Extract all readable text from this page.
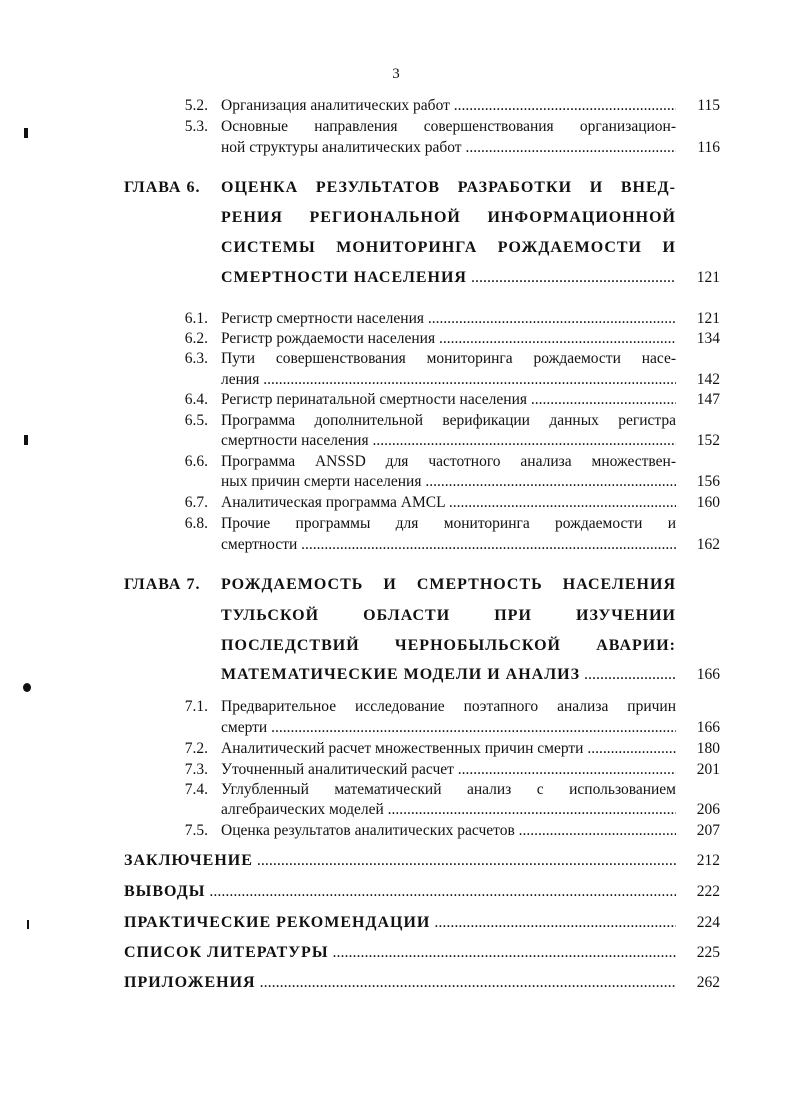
3
5.2. Организация аналитических работ .....	115
5.3. Основные направления совершенствования организацион-
ной структуры аналитических работ .....	116
ГЛАВА 6. ОЦЕНКА РЕЗУЛЬТАТОВ РАЗРАБОТКИ И ВНЕД-
РЕНИЯ РЕГИОНАЛЬНОЙ ИНФОРМАЦИОННОЙ
СИСТЕМЫ МОНИТОРИНГА РОЖДАЕМОСТИ И
СМЕРТНОСТИ НАСЕЛЕНИЯ .....	121
6.1. Регистр смертности населения .....	121
6.2. Регистр рождаемости населения .....	134
6.3. Пути совершенствования мониторинга рождаемости насе-
ления .....	142
6.4. Регистр перинатальной смертности населения .....	147
6.5. Программа дополнительной верификации данных регистра
смертности населения .....	152
6.6. Программа ANSSD для частотного анализа множествен-
ных причин смерти населения .....	156
6.7. Аналитическая программа AMCL .....	160
6.8. Прочие программы для мониторинга рождаемости и
смертности .....	162
ГЛАВА 7. РОЖДАЕМОСТЬ И СМЕРТНОСТЬ НАСЕЛЕНИЯ
ТУЛЬСКОЙ ОБЛАСТИ ПРИ ИЗУЧЕНИИ
ПОСЛЕДСТВИЙ ЧЕРНОБЫЛЬСКОЙ АВАРИИ:
МАТЕМАТИЧЕСКИЕ МОДЕЛИ И АНАЛИЗ .....	166
7.1. Предварительное исследование поэтапного анализа причин
смерти .....	166
7.2. Аналитический расчет множественных причин смерти .....	180
7.3. Уточненный аналитический расчет .....	201
7.4. Углубленный математический анализ с использованием
алгебраических моделей .....	206
7.5. Оценка результатов аналитических расчетов .....	207
ЗАКЛЮЧЕНИЕ .....	212
ВЫВОДЫ .....	222
ПРАКТИЧЕСКИЕ РЕКОМЕНДАЦИИ .....	224
СПИСОК ЛИТЕРАТУРЫ .....	225
ПРИЛОЖЕНИЯ .....	262
